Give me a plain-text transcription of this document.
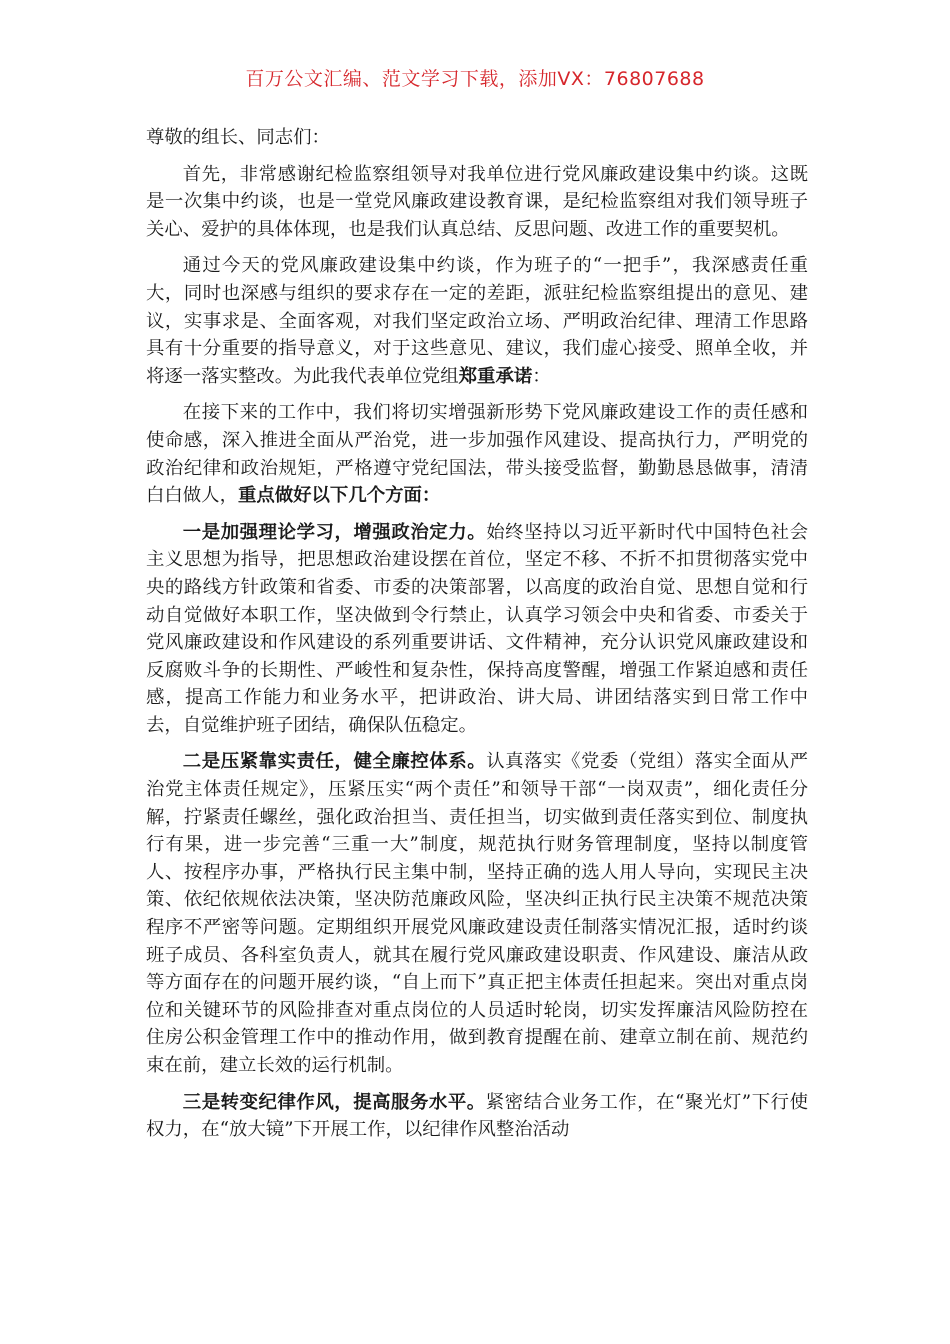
百万公文汇编、范文学习下载，添加VX：76807688

尊敬的组长、同志们：

首先，非常感谢纪检监察组领导对我单位进行党风廉政建设集中约谈。这既是一次集中约谈，也是一堂党风廉政建设教育课，是纪检监察组对我们领导班子关心、爱护的具体体现，也是我们认真总结、反思问题、改进工作的重要契机。

通过今天的党风廉政建设集中约谈，作为班子的“一把手”，我深感责任重大，同时也深感与组织的要求存在一定的差距，派驻纪检监察组提出的意见、建议，实事求是、全面客观，对我们坚定政治立场、严明政治纪律、理清工作思路具有十分重要的指导意义，对于这些意见、建议，我们虚心接受、照单全收，并将逐一落实整改。为此我代表单位党组郑重承诺：

在接下来的工作中，我们将切实增强新形势下党风廉政建设工作的责任感和使命感，深入推进全面从严治党，进一步加强作风建设、提高执行力，严明党的政治纪律和政治规矩，严格遵守党纪国法，带头接受监督，勤勤恳恳做事，清清白白做人，重点做好以下几个方面：

一是加强理论学习，增强政治定力。始终坚持以习近平新时代中国特色社会主义思想为指导，把思想政治建设摆在首位，坚定不移、不折不扣贯彻落实党中央的路线方针政策和省委、市委的决策部署，以高度的政治自觉、思想自觉和行动自觉做好本职工作，坚决做到令行禁止，认真学习领会中央和省委、市委关于党风廉政建设和作风建设的系列重要讲话、文件精神，充分认识党风廉政建设和反腐败斗争的长期性、严峻性和复杂性，保持高度警醒，增强工作紧迫感和责任感，提高工作能力和业务水平，把讲政治、讲大局、讲团结落实到日常工作中去，自觉维护班子团结，确保队伍稳定。

二是压紧靠实责任，健全廉控体系。认真落实《党委（党组）落实全面从严治党主体责任规定》，压紧压实“两个责任”和领导干部“一岗双责”，细化责任分解，拧紧责任螺丝，强化政治担当、责任担当，切实做到责任落实到位、制度执行有果，进一步完善“三重一大”制度，规范执行财务管理制度，坚持以制度管人、按程序办事，严格执行民主集中制，坚持正确的选人用人导向，实现民主决策、依纪依规依法决策，坚决防范廉政风险，坚决纠正执行民主决策不规范决策程序不严密等问题。定期组织开展党风廉政建设责任制落实情况汇报，适时约谈班子成员、各科室负责人，就其在履行党风廉政建设职责、作风建设、廉洁从政等方面存在的问题开展约谈，“自上而下”真正把主体责任担起来。突出对重点岗位和关键环节的风险排查对重点岗位的人员适时轮岗，切实发挥廉洁风险防控在住房公积金管理工作中的推动作用，做到教育提醒在前、建章立制在前、规范约束在前，建立长效的运行机制。

三是转变纪律作风，提高服务水平。紧密结合业务工作，在“聚光灯”下行使权力，在“放大镜”下开展工作，以纪律作风整治活动
